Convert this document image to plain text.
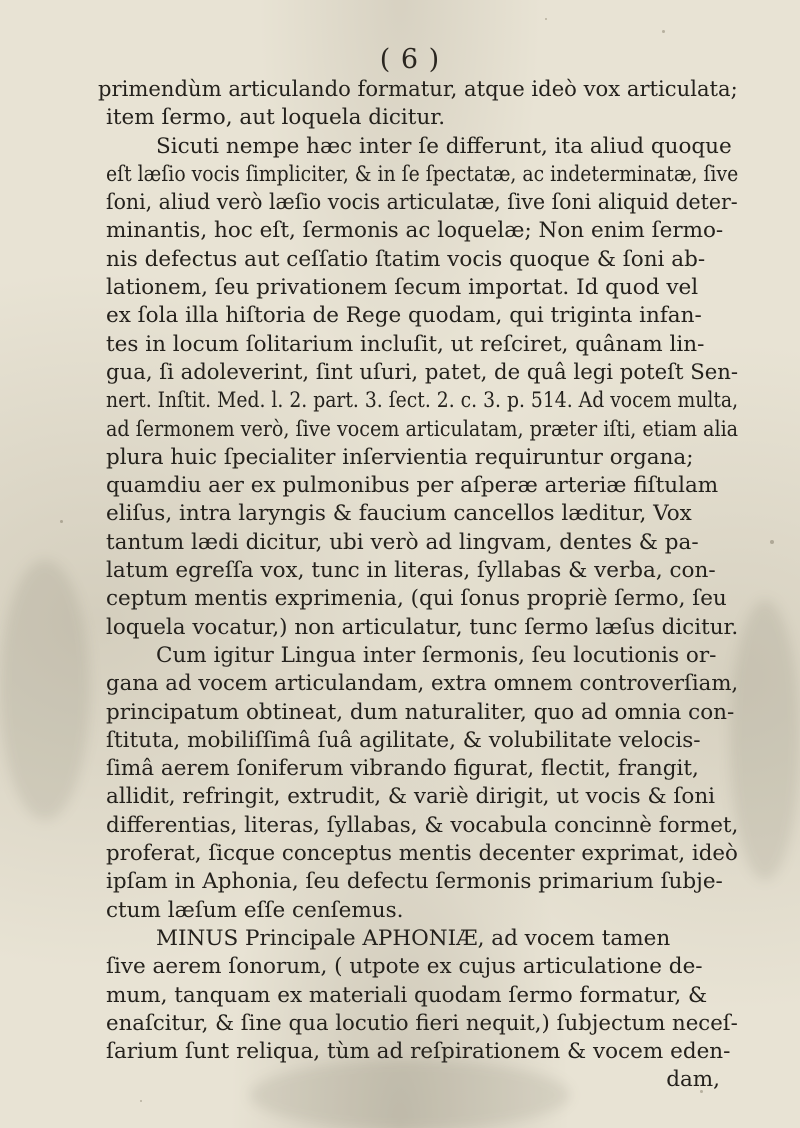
( 6 )
primendùm articulando formatur, atque ideò vox articulata;
item ſermo, aut loquela dicitur.
Sicuti nempe hæc inter ſe differunt, ita aliud quoque
eſt læſio vocis ſimpliciter, & in ſe ſpectatæ, ac indeterminatæ, ſive
ſoni, aliud verò læſio vocis articulatæ, ſive ſoni aliquid deter-
minantis, hoc eſt, ſermonis ac loquelæ; Non enim ſermo-
nis defectus aut ceſſatio ſtatim vocis quoque & ſoni ab-
lationem, ſeu privationem ſecum importat. Id quod vel
ex ſola illa hiſtoria de Rege quodam, qui triginta infan-
tes in locum ſolitarium incluſit, ut reſciret, quânam lin-
gua, ſi adoleverint, ſint uſuri, patet, de quâ legi poteſt Sen-
nert. Inſtit. Med. l. 2. part. 3. ſect. 2. c. 3. p. 514. Ad vocem multa,
ad ſermonem verò, ſive vocem articulatam, præter iſti, etiam alia
plura huic ſpecialiter inſervientia requiruntur organa;
quamdiu aer ex pulmonibus per aſperæ arteriæ fiſtulam
eliſus, intra laryngis & faucium cancellos læditur, Vox
tantum lædi dicitur, ubi verò ad lingvam, dentes & pa-
latum egreſſa vox, tunc in literas, ſyllabas & verba, con-
ceptum mentis exprimenia, (qui ſonus propriè ſermo, ſeu
loquela vocatur,) non articulatur, tunc ſermo læſus dicitur.
Cum igitur Lingua inter ſermonis, ſeu locutionis or-
gana ad vocem articulandam, extra omnem controverſiam,
principatum obtineat, dum naturaliter, quo ad omnia con-
ſtituta, mobiliſſimâ ſuâ agilitate, & volubilitate velocis-
ſimâ aerem ſoniferum vibrando figurat, flectit, frangit,
allidit, refringit, extrudit, & variè dirigit, ut vocis & ſoni
differentias, literas, ſyllabas, & vocabula concinnè formet,
proferat, ſicque conceptus mentis decenter exprimat, ideò
ipſam in Aphonia, ſeu defectu ſermonis primarium ſubje-
ctum læſum eſſe cenſemus.
MINUS Principale APHONIÆ, ad vocem tamen
ſive aerem ſonorum, ( utpote ex cujus articulatione de-
mum, tanquam ex materiali quodam ſermo formatur, &
enaſcitur, & ſine qua locutio fieri nequit,) ſubjectum neceſ-
ſarium ſunt reliqua, tùm ad reſpirationem & vocem eden-
dam,
